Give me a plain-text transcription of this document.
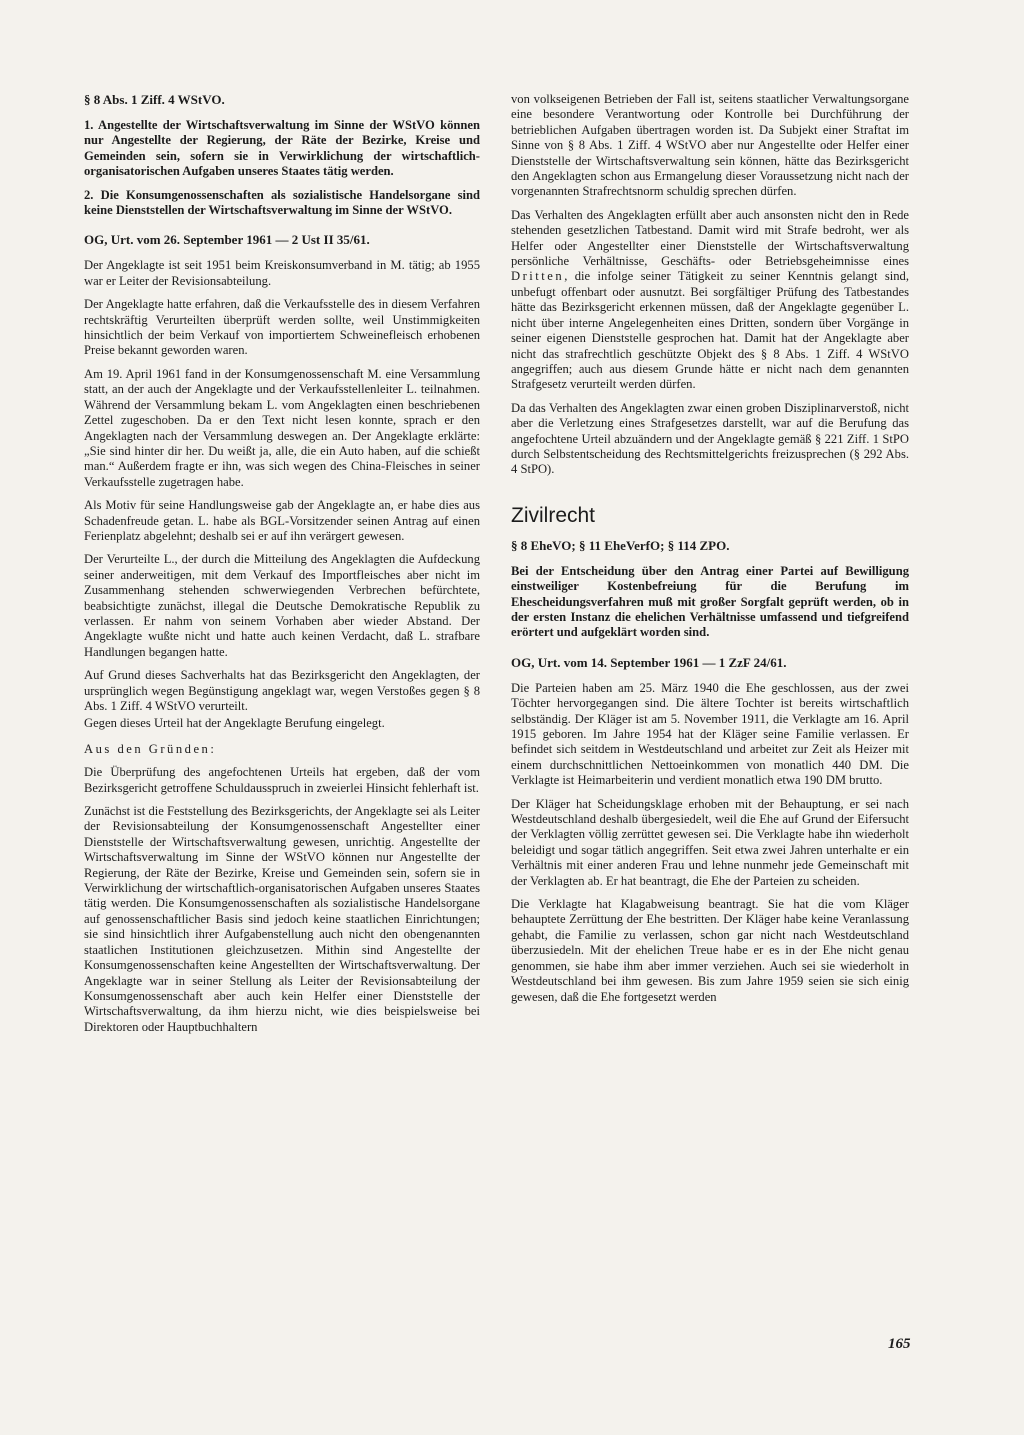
§ 8 Abs. 1 Ziff. 4 WStVO.

1. Angestellte der Wirtschaftsverwaltung im Sinne der WStVO können nur Angestellte der Regierung, der Räte der Bezirke, Kreise und Gemeinden sein, sofern sie in Verwirklichung der wirtschaftlich-organisatorischen Aufgaben unseres Staates tätig werden.

2. Die Konsumgenossenschaften als sozialistische Handelsorgane sind keine Dienststellen der Wirtschaftsverwaltung im Sinne der WStVO.

OG, Urt. vom 26. September 1961 — 2 Ust II 35/61.

Der Angeklagte ist seit 1951 beim Kreiskonsumverband in M. tätig; ab 1955 war er Leiter der Revisionsabteilung.

Der Angeklagte hatte erfahren, daß die Verkaufsstelle des in diesem Verfahren rechtskräftig Verurteilten überprüft werden sollte, weil Unstimmigkeiten hinsichtlich der beim Verkauf von importiertem Schweinefleisch erhobenen Preise bekannt geworden waren.

Am 19. April 1961 fand in der Konsumgenossenschaft M. eine Versammlung statt, an der auch der Angeklagte und der Verkaufsstellenleiter L. teilnahmen. Während der Versammlung bekam L. vom Angeklagten einen beschriebenen Zettel zugeschoben. Da er den Text nicht lesen konnte, sprach er den Angeklagten nach der Versammlung deswegen an. Der Angeklagte erklärte: „Sie sind hinter dir her. Du weißt ja, alle, die ein Auto haben, auf die schießt man.“ Außerdem fragte er ihn, was sich wegen des China-Fleisches in seiner Verkaufsstelle zugetragen habe.

Als Motiv für seine Handlungsweise gab der Angeklagte an, er habe dies aus Schadenfreude getan. L. habe als BGL-Vorsitzender seinen Antrag auf einen Ferienplatz abgelehnt; deshalb sei er auf ihn verärgert gewesen.

Der Verurteilte L., der durch die Mitteilung des Angeklagten die Aufdeckung seiner anderweitigen, mit dem Verkauf des Importfleisches aber nicht im Zusammenhang stehenden schwerwiegenden Verbrechen befürchtete, beabsichtigte zunächst, illegal die Deutsche Demokratische Republik zu verlassen. Er nahm von seinem Vorhaben aber wieder Abstand. Der Angeklagte wußte nicht und hatte auch keinen Verdacht, daß L. strafbare Handlungen begangen hatte.

Auf Grund dieses Sachverhalts hat das Bezirksgericht den Angeklagten, der ursprünglich wegen Begünstigung angeklagt war, wegen Verstoßes gegen § 8 Abs. 1 Ziff. 4 WStVO verurteilt.

Gegen dieses Urteil hat der Angeklagte Berufung eingelegt.

Aus den Gründen:

Die Überprüfung des angefochtenen Urteils hat ergeben, daß der vom Bezirksgericht getroffene Schuldausspruch in zweierlei Hinsicht fehlerhaft ist.

Zunächst ist die Feststellung des Bezirksgerichts, der Angeklagte sei als Leiter der Revisionsabteilung der Konsumgenossenschaft Angestellter einer Dienststelle der Wirtschaftsverwaltung gewesen, unrichtig. Angestellte der Wirtschaftsverwaltung im Sinne der WStVO können nur Angestellte der Regierung, der Räte der Bezirke, Kreise und Gemeinden sein, sofern sie in Verwirklichung der wirtschaftlich-organisatorischen Aufgaben unseres Staates tätig werden. Die Konsumgenossenschaften als sozialistische Handelsorgane auf genossenschaftlicher Basis sind jedoch keine staatlichen Einrichtungen; sie sind hinsichtlich ihrer Aufgabenstellung auch nicht den obengenannten staatlichen Institutionen gleichzusetzen. Mithin sind Angestellte der Konsumgenossenschaften keine Angestellten der Wirtschaftsverwaltung. Der Angeklagte war in seiner Stellung als Leiter der Revisionsabteilung der Konsumgenossenschaft aber auch kein Helfer einer Dienststelle der Wirtschaftsverwaltung, da ihm hierzu nicht, wie dies beispielsweise bei Direktoren oder Hauptbuchhaltern

von volkseigenen Betrieben der Fall ist, seitens staatlicher Verwaltungsorgane eine besondere Verantwortung oder Kontrolle bei Durchführung der betrieblichen Aufgaben übertragen worden ist. Da Subjekt einer Straftat im Sinne von § 8 Abs. 1 Ziff. 4 WStVO aber nur Angestellte oder Helfer einer Dienststelle der Wirtschaftsverwaltung sein können, hätte das Bezirksgericht den Angeklagten schon aus Ermangelung dieser Voraussetzung nicht nach der vorgenannten Strafrechtsnorm schuldig sprechen dürfen.

Das Verhalten des Angeklagten erfüllt aber auch ansonsten nicht den in Rede stehenden gesetzlichen Tatbestand. Damit wird mit Strafe bedroht, wer als Helfer oder Angestellter einer Dienststelle der Wirtschaftsverwaltung persönliche Verhältnisse, Geschäfts- oder Betriebsgeheimnisse eines Dritten, die infolge seiner Tätigkeit zu seiner Kenntnis gelangt sind, unbefugt offenbart oder ausnutzt. Bei sorgfältiger Prüfung des Tatbestandes hätte das Bezirksgericht erkennen müssen, daß der Angeklagte gegenüber L. nicht über interne Angelegenheiten eines Dritten, sondern über Vorgänge in seiner eigenen Dienststelle gesprochen hat. Damit hat der Angeklagte aber nicht das strafrechtlich geschützte Objekt des § 8 Abs. 1 Ziff. 4 WStVO angegriffen; auch aus diesem Grunde hätte er nicht nach dem genannten Strafgesetz verurteilt werden dürfen.

Da das Verhalten des Angeklagten zwar einen groben Disziplinarverstoß, nicht aber die Verletzung eines Strafgesetzes darstellt, war auf die Berufung das angefochtene Urteil abzuändern und der Angeklagte gemäß § 221 Ziff. 1 StPO durch Selbstentscheidung des Rechtsmittelgerichts freizusprechen (§ 292 Abs. 4 StPO).

Zivilrecht

§ 8 EheVO; § 11 EheVerfO; § 114 ZPO.

Bei der Entscheidung über den Antrag einer Partei auf Bewilligung einstweiliger Kostenbefreiung für die Berufung im Ehescheidungsverfahren muß mit großer Sorgfalt geprüft werden, ob in der ersten Instanz die ehelichen Verhältnisse umfassend und tiefgreifend erörtert und aufgeklärt worden sind.

OG, Urt. vom 14. September 1961 — 1 ZzF 24/61.

Die Parteien haben am 25. März 1940 die Ehe geschlossen, aus der zwei Töchter hervorgegangen sind. Die ältere Tochter ist bereits wirtschaftlich selbständig. Der Kläger ist am 5. November 1911, die Verklagte am 16. April 1915 geboren. Im Jahre 1954 hat der Kläger seine Familie verlassen. Er befindet sich seitdem in Westdeutschland und arbeitet zur Zeit als Heizer mit einem durchschnittlichen Nettoeinkommen von monatlich 440 DM. Die Verklagte ist Heimarbeiterin und verdient monatlich etwa 190 DM brutto.

Der Kläger hat Scheidungsklage erhoben mit der Behauptung, er sei nach Westdeutschland deshalb übergesiedelt, weil die Ehe auf Grund der Eifersucht der Verklagten völlig zerrüttet gewesen sei. Die Verklagte habe ihn wiederholt beleidigt und sogar tätlich angegriffen. Seit etwa zwei Jahren unterhalte er ein Verhältnis mit einer anderen Frau und lehne nunmehr jede Gemeinschaft mit der Verklagten ab. Er hat beantragt, die Ehe der Parteien zu scheiden.

Die Verklagte hat Klagabweisung beantragt. Sie hat die vom Kläger behauptete Zerrüttung der Ehe bestritten. Der Kläger habe keine Veranlassung gehabt, die Familie zu verlassen, schon gar nicht nach Westdeutschland überzusiedeln. Mit der ehelichen Treue habe er es in der Ehe nicht genau genommen, sie habe ihm aber immer verziehen. Auch sei sie wiederholt in Westdeutschland bei ihm gewesen. Bis zum Jahre 1959 seien sie sich einig gewesen, daß die Ehe fortgesetzt werden

165
